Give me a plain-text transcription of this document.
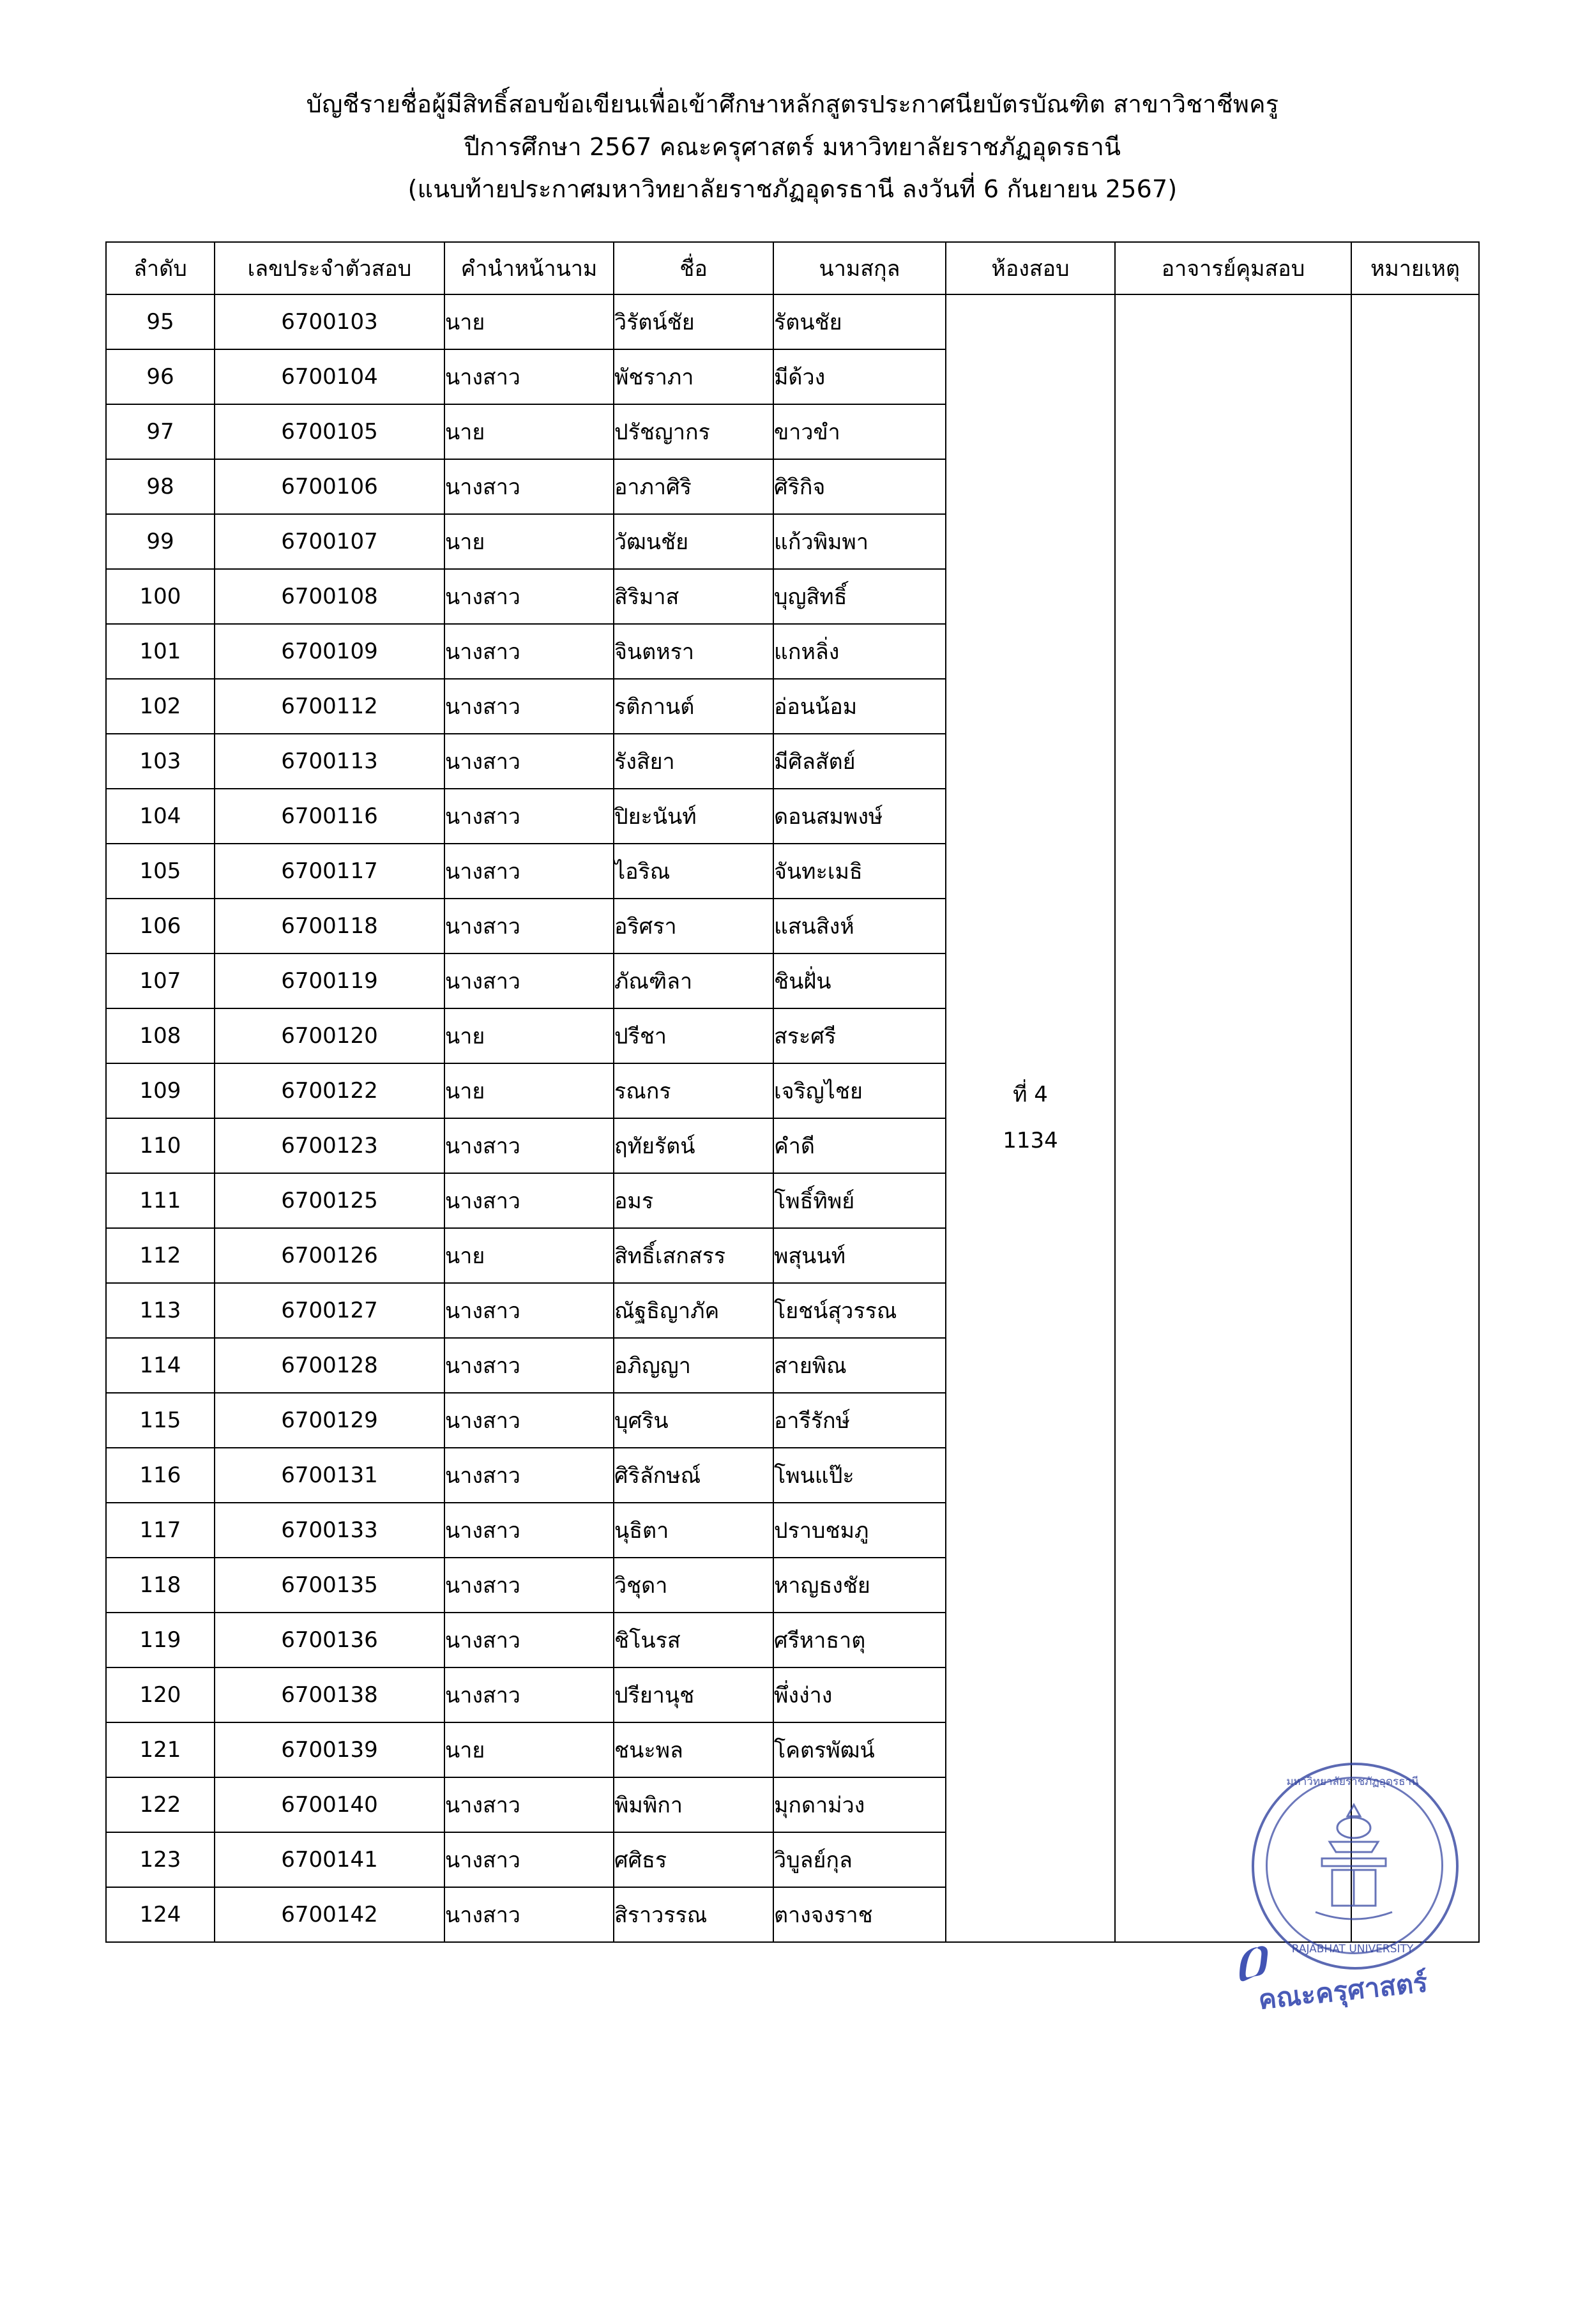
บัญชีรายชื่อผู้มีสิทธิ์สอบข้อเขียนเพื่อเข้าศึกษาหลักสูตรประกาศนียบัตรบัณฑิต สาขาวิชาชีพครู
ปีการศึกษา 2567 คณะครุศาสตร์ มหาวิทยาลัยราชภัฏอุดรธานี
(แนบท้ายประกาศมหาวิทยาลัยราชภัฏอุดรธานี ลงวันที่ 6 กันยายน 2567)
ลำดับ	เลขประจำตัวสอบ	คำนำหน้านาม	ชื่อ	นามสกุล	ห้องสอบ	อาจารย์คุมสอบ	หมายเหตุ
95	6700103	นาย	วิรัตน์ชัย	รัตนชัย	ที่ 4
1134		

96	6700104	นางสาว	พัชราภา	มีด้วง			
97	6700105	นาย	ปรัชญากร	ขาวขำ			
98	6700106	นางสาว	อาภาศิริ	ศิริกิจ			
99	6700107	นาย	วัฒนชัย	แก้วพิมพา			
100	6700108	นางสาว	สิริมาส	บุญสิทธิ์			
101	6700109	นางสาว	จินตหรา	แกหลิ่ง			
102	6700112	นางสาว	รติกานต์	อ่อนน้อม			
103	6700113	นางสาว	รังสิยา	มีศิลสัตย์			
104	6700116	นางสาว	ปิยะนันท์	ดอนสมพงษ์			
105	6700117	นางสาว	ไอริณ	จันทะเมธิ			
106	6700118	นางสาว	อริศรา	แสนสิงห์			
107	6700119	นางสาว	ภัณฑิลา	ชินฝั่น			
108	6700120	นาย	ปรีชา	สระศรี			
109	6700122	นาย	รณกร	เจริญไชย			
110	6700123	นางสาว	ฤทัยรัตน์	คำดี			
111	6700125	นางสาว	อมร	โพธิ์ทิพย์			
112	6700126	นาย	สิทธิ์เสกสรร	พสุนนท์			
113	6700127	นางสาว	ณัฐธิญาภัค	โยชน์สุวรรณ			
114	6700128	นางสาว	อภิญญา	สายพิณ			
115	6700129	นางสาว	บุศริน	อารีรักษ์			
116	6700131	นางสาว	ศิริลักษณ์	โพนแป๊ะ			
117	6700133	นางสาว	นุธิตา	ปราบชมภู			
118	6700135	นางสาว	วิชุดา	หาญธงชัย			
119	6700136	นางสาว	ชิโนรส	ศรีหาธาตุ			
120	6700138	นางสาว	ปรียานุช	พึ่งง่าง			
121	6700139	นาย	ชนะพล	โคตรพัฒน์			
122	6700140	นางสาว	พิมพิกา	มุกดาม่วง			
123	6700141	นางสาว	ศศิธร	วิบูลย์กุล			
124	6700142	นางสาว	สิราวรรณ	ตางจงราช			
มหาวิทยาลัยราชภัฏอุดรธานี
RAJABHAT UNIVERSITY
ዐ
คณะครุศาสตร์
